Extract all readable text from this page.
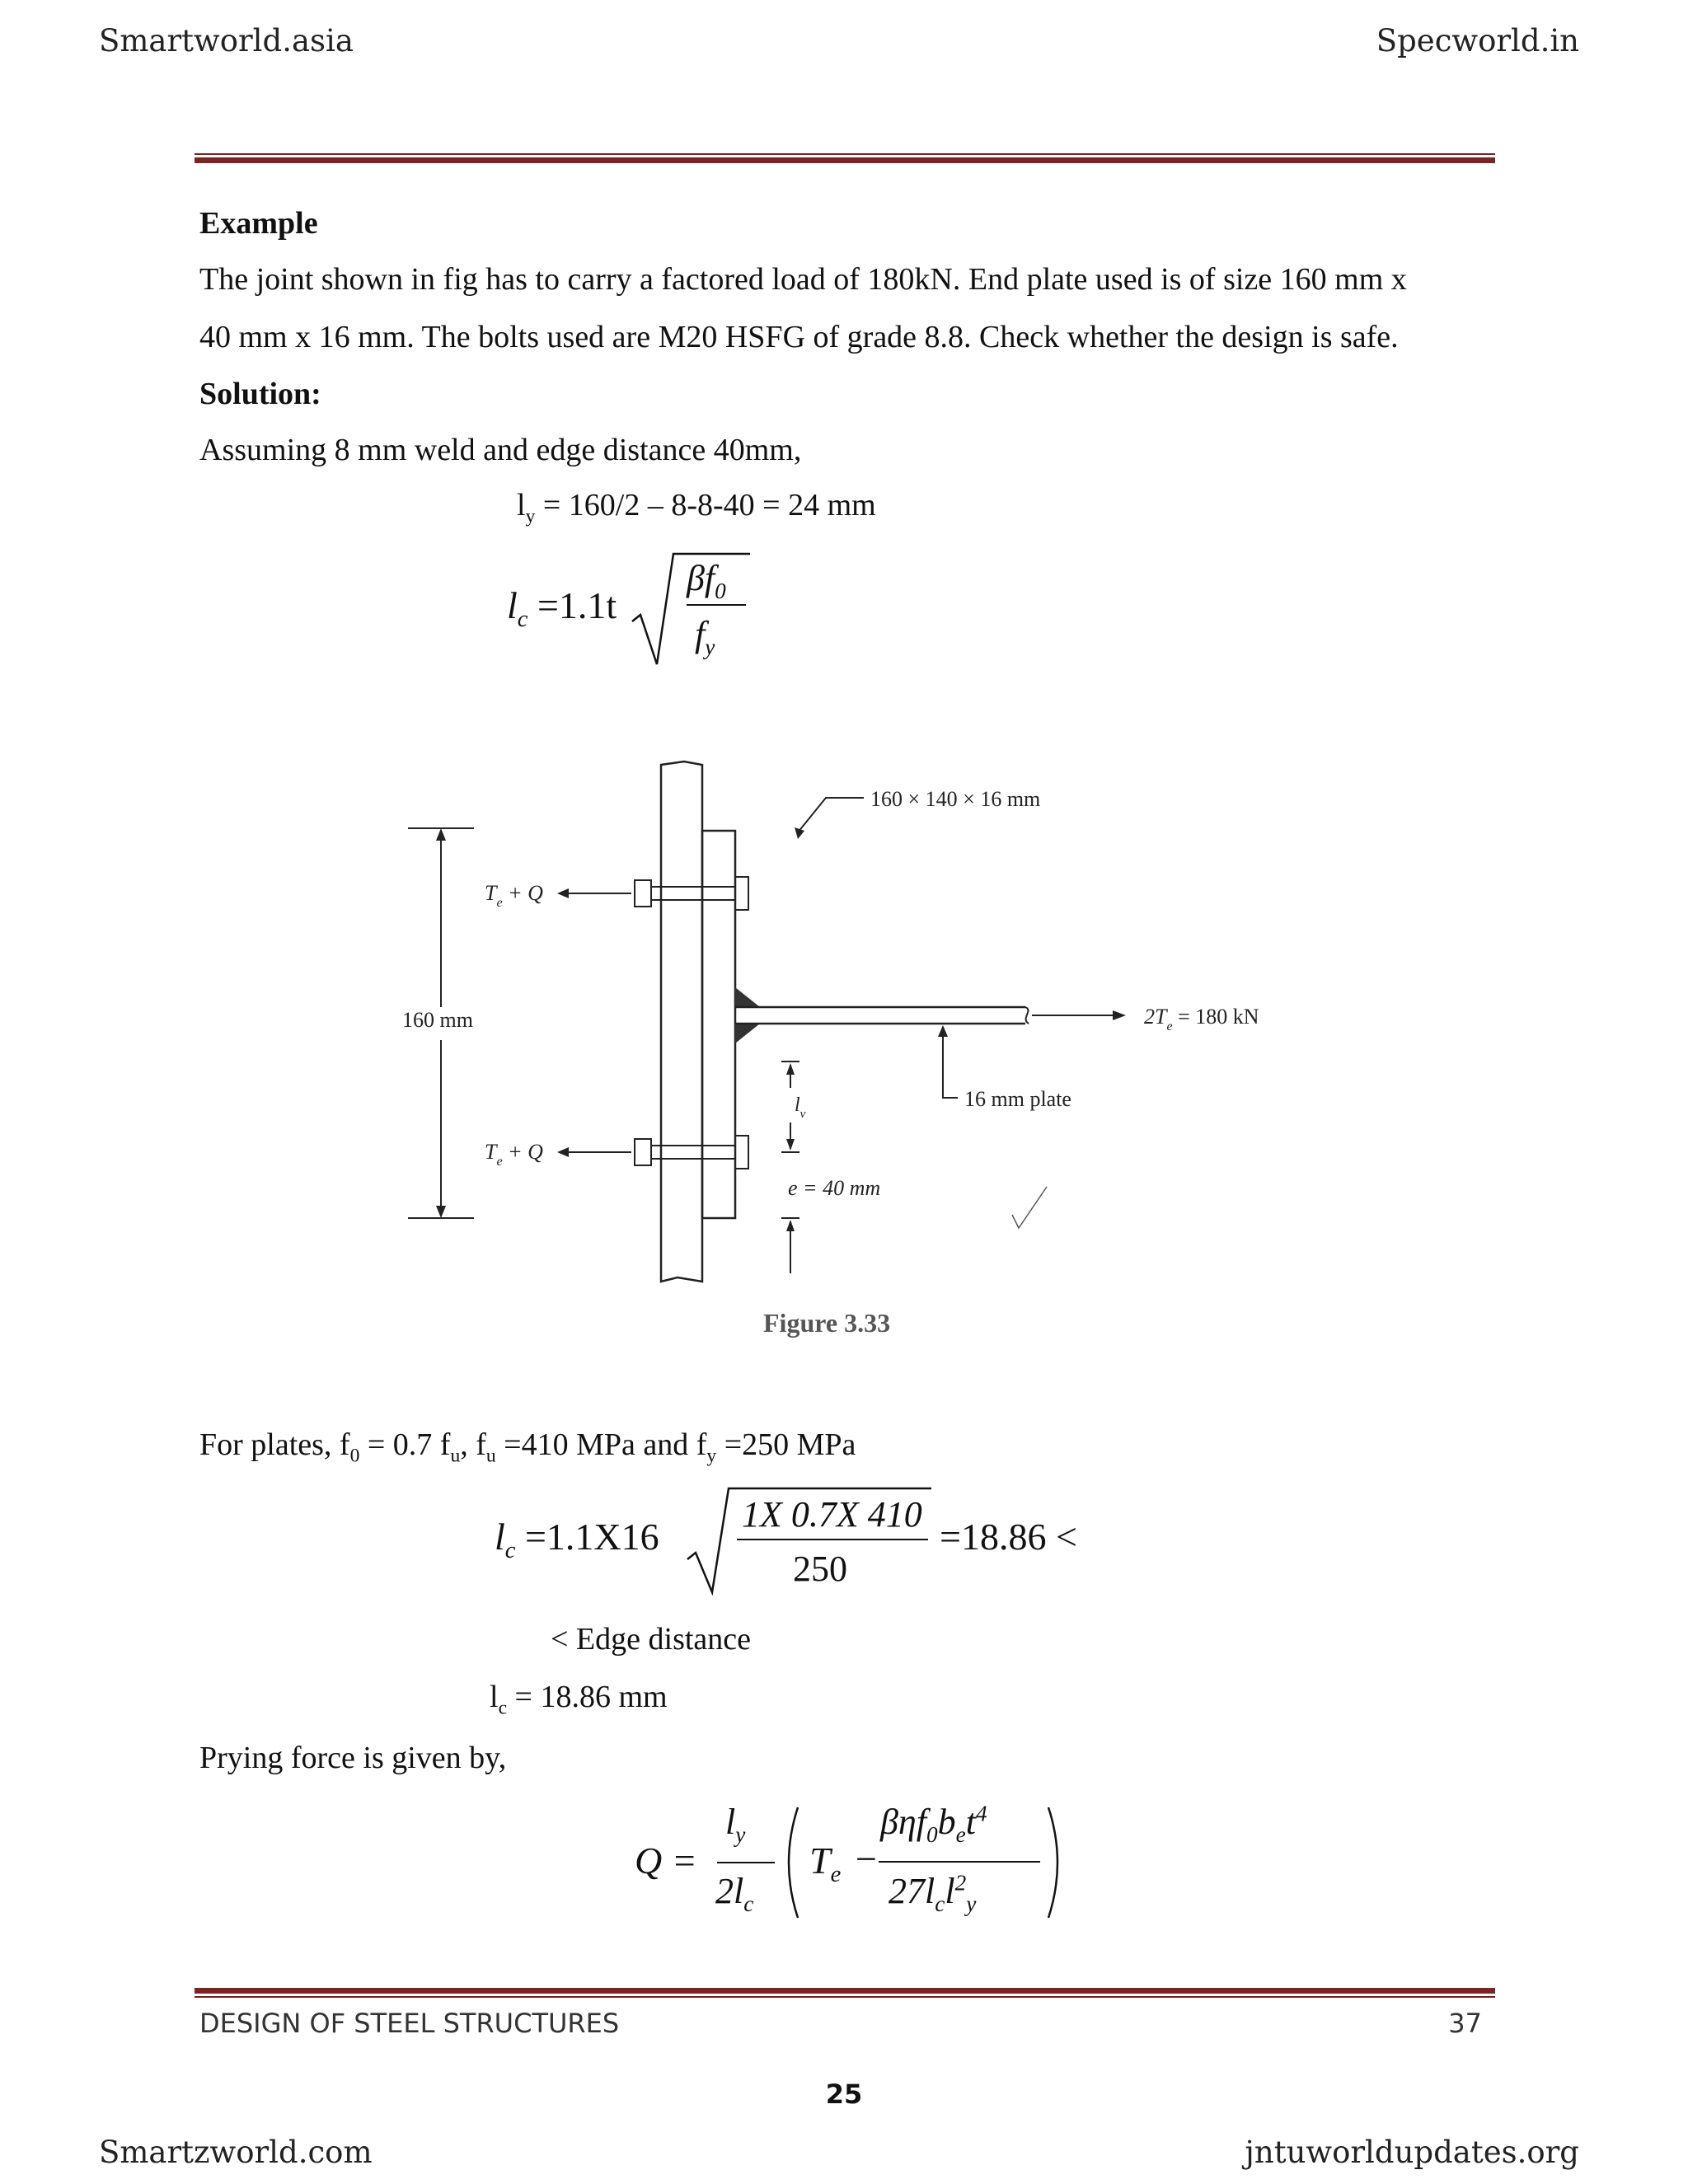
Smartworld.asia	Specworld.in
Example
The joint shown in fig has to carry a factored load of 180kN. End plate used is of size 160 mm x
40 mm x 16 mm. The bolts used are M20 HSFG of grade 8.8. Check whether the design is safe.
Solution:
Assuming 8 mm weld and edge distance 40mm,
$l_y = 160/2 - 8-8-40 = 24$ mm
$l_c =1.1t$
$\beta f_0$
$f_y$
160 mm
$T_e + Q$
$T_e + Q$
$2T_e = 180$ kN
160 × 140 × 16 mm
16 mm plate
$l_v$
e = 40 mm
Figure 3.33
For plates, $f_0 = 0.7$ $f_u$, $f_u =410$ MPa and $f_y =250$ MPa
$l_c =1.1X16$
1X 0.7X 410
250
=18.86 <
< Edge distance
$l_c = 18.86$ mm
Prying force is given by,
Q =
$l_y$
$2l_c$
$T_e$ −
$\beta\eta f_0b_et^4$
$27l_cl^2_y$
DESIGN OF STEEL STRUCTURES	37
25
Smartzworld.com	jntuworldupdates.org
